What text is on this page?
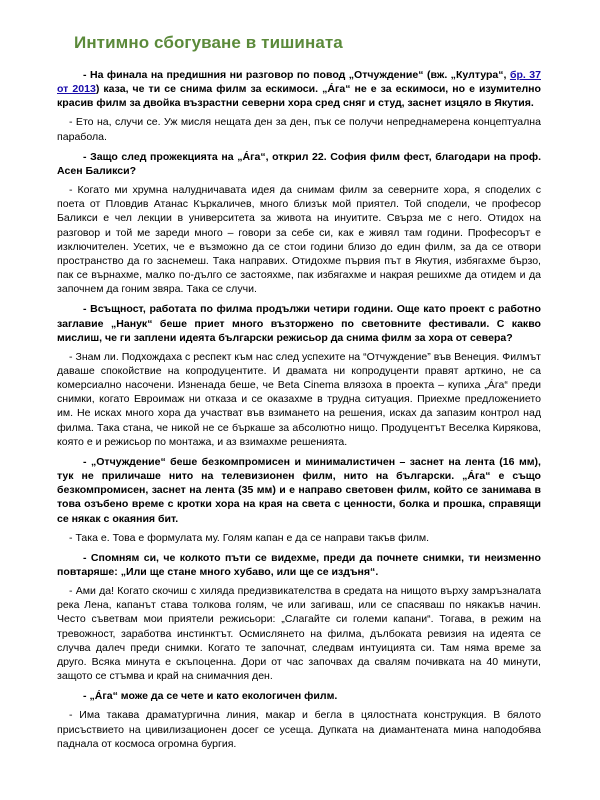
Интимно сбогуване в тишината

- На финала на предишния ни разговор по повод „Отчуждение“ (вж. „Култура“, бр. 37 от 2013) каза, че ти се снима филм за ескимоси. „Áга“ не е за ескимоси, но е изумително красив филм за двойка възрастни северни хора сред сняг и студ, заснет изцяло в Якутия.

- Ето на, случи се. Уж мисля нещата ден за ден, пък се получи непреднамерена концептуална парабола.

- Защо след прожекцията на „Áга“, открил 22. София филм фест, благодари на проф. Асен Баликси?

- Когато ми хрумна налудничавата идея да снимам филм за северните хора, я споделих с поета от Пловдив Атанас Къркаличев, много близък мой приятел. Той сподели, че професор Баликси е чел лекции в университета за живота на инуитите. Свърза ме с него. Отидох на разговор и той ме зареди много – говори за себе си, как е живял там години. Професорът е изключителен. Усетих, че е възможно да се стои години близо до един филм, за да се отвори пространство да го заснемеш. Така направих. Отидохме първия път в Якутия, избягахме бързо, пак се върнахме, малко по-дълго се застояхме, пак избягахме и накрая решихме да отидем и да започнем да гоним звяра. Така се случи.

- Всъщност, работата по филма продължи четири години. Още като проект с работно заглавие „Нанук“ беше приет много възторжено по световните фестивали. С какво мислиш, че ги заплени идеята български режисьор да снима филм за хора от севера?

- Знам ли. Подхождаха с респект към нас след успехите на “Отчуждение” във Венеция. Филмът даваше спокойствие на копродуцентите. И двамата ни копродуценти правят арткино, не са комерсиално насочени. Изненада беше, че Beta Cinema влязоха в проекта – купиха „Áга“ преди снимки, когато Евроимаж ни отказа и се оказахме в трудна ситуация. Приехме предложението им. Не исках много хора да участват във взимането на решения, исках да запазим контрол над филма. Така стана, че никой не се бъркаше за абсолютно нищо. Продуцентът Веселка Кирякова, която е и режисьор по монтажа, и аз взимахме решенията.

- „Отчуждение“ беше безкомпромисен и минималистичен – заснет на лента (16 мм), тук не приличаше нито на телевизионен филм, нито на български. „Áга“ е също безкомпромисен, заснет на лента (35 мм) и е направо световен филм, който се занимава в това озъбено време с кротки хора на края на света с ценности, болка и прошка, справящи се някак с окаяния бит.

- Така е. Това е формулата му. Голям капан е да се направи такъв филм.

- Спомням си, че колкото пъти се видехме, преди да почнете снимки, ти неизменно повтаряше: „Или ще стане много хубаво, или ще се издъня“.

- Ами да! Когато скочиш с хиляда предизвикателства в средата на нищото върху замръзналата река Лена, капанът става толкова голям, че или загиваш, или се спасяваш по някакъв начин. Често съветвам мои приятели режисьори: „Слагайте си големи капани“. Тогава, в режим на тревожност, заработва инстинктът. Осмислянето на филма, дълбоката ревизия на идеята се случва далеч преди снимки. Когато те започнат, следвам интуицията си. Там няма време за друго. Всяка минута е скъпоценна. Дори от час започвах да свалям почивката на 40 минути, защото се стъмва и край на снимачния ден.

- „Áга“ може да се чете и като екологичен филм.

- Има такава драматургична линия, макар и бегла в цялостната конструкция. В бялото присъствието на цивилизационен досег се усеща. Дупката на диамантената мина наподобява паднала от космоса огромна бургия.
